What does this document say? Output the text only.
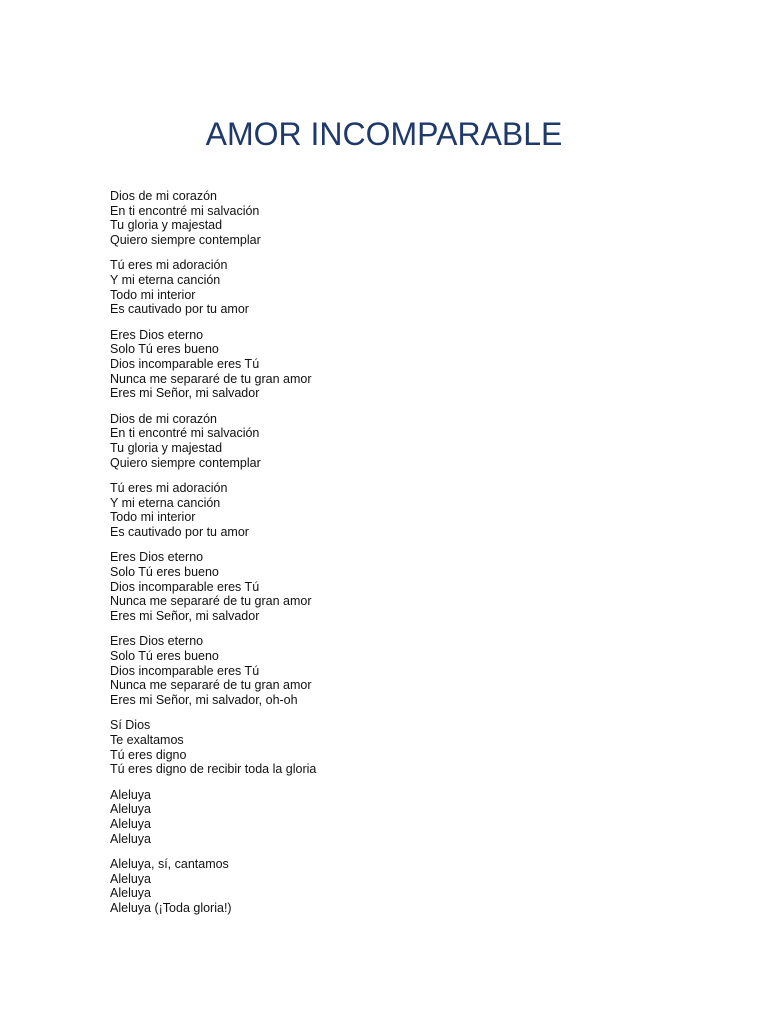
AMOR INCOMPARABLE
Dios de mi corazón
En ti encontré mi salvación
Tu gloria y majestad
Quiero siempre contemplar
Tú eres mi adoración
Y mi eterna canción
Todo mi interior
Es cautivado por tu amor
Eres Dios eterno
Solo Tú eres bueno
Dios incomparable eres Tú
Nunca me separaré de tu gran amor
Eres mi Señor, mi salvador
Dios de mi corazón
En ti encontré mi salvación
Tu gloria y majestad
Quiero siempre contemplar
Tú eres mi adoración
Y mi eterna canción
Todo mi interior
Es cautivado por tu amor
Eres Dios eterno
Solo Tú eres bueno
Dios incomparable eres Tú
Nunca me separaré de tu gran amor
Eres mi Señor, mi salvador
Eres Dios eterno
Solo Tú eres bueno
Dios incomparable eres Tú
Nunca me separaré de tu gran amor
Eres mi Señor, mi salvador, oh-oh
Sí Dios
Te exaltamos
Tú eres digno
Tú eres digno de recibir toda la gloria
Aleluya
Aleluya
Aleluya
Aleluya
Aleluya, sí, cantamos
Aleluya
Aleluya
Aleluya (¡Toda gloria!)
